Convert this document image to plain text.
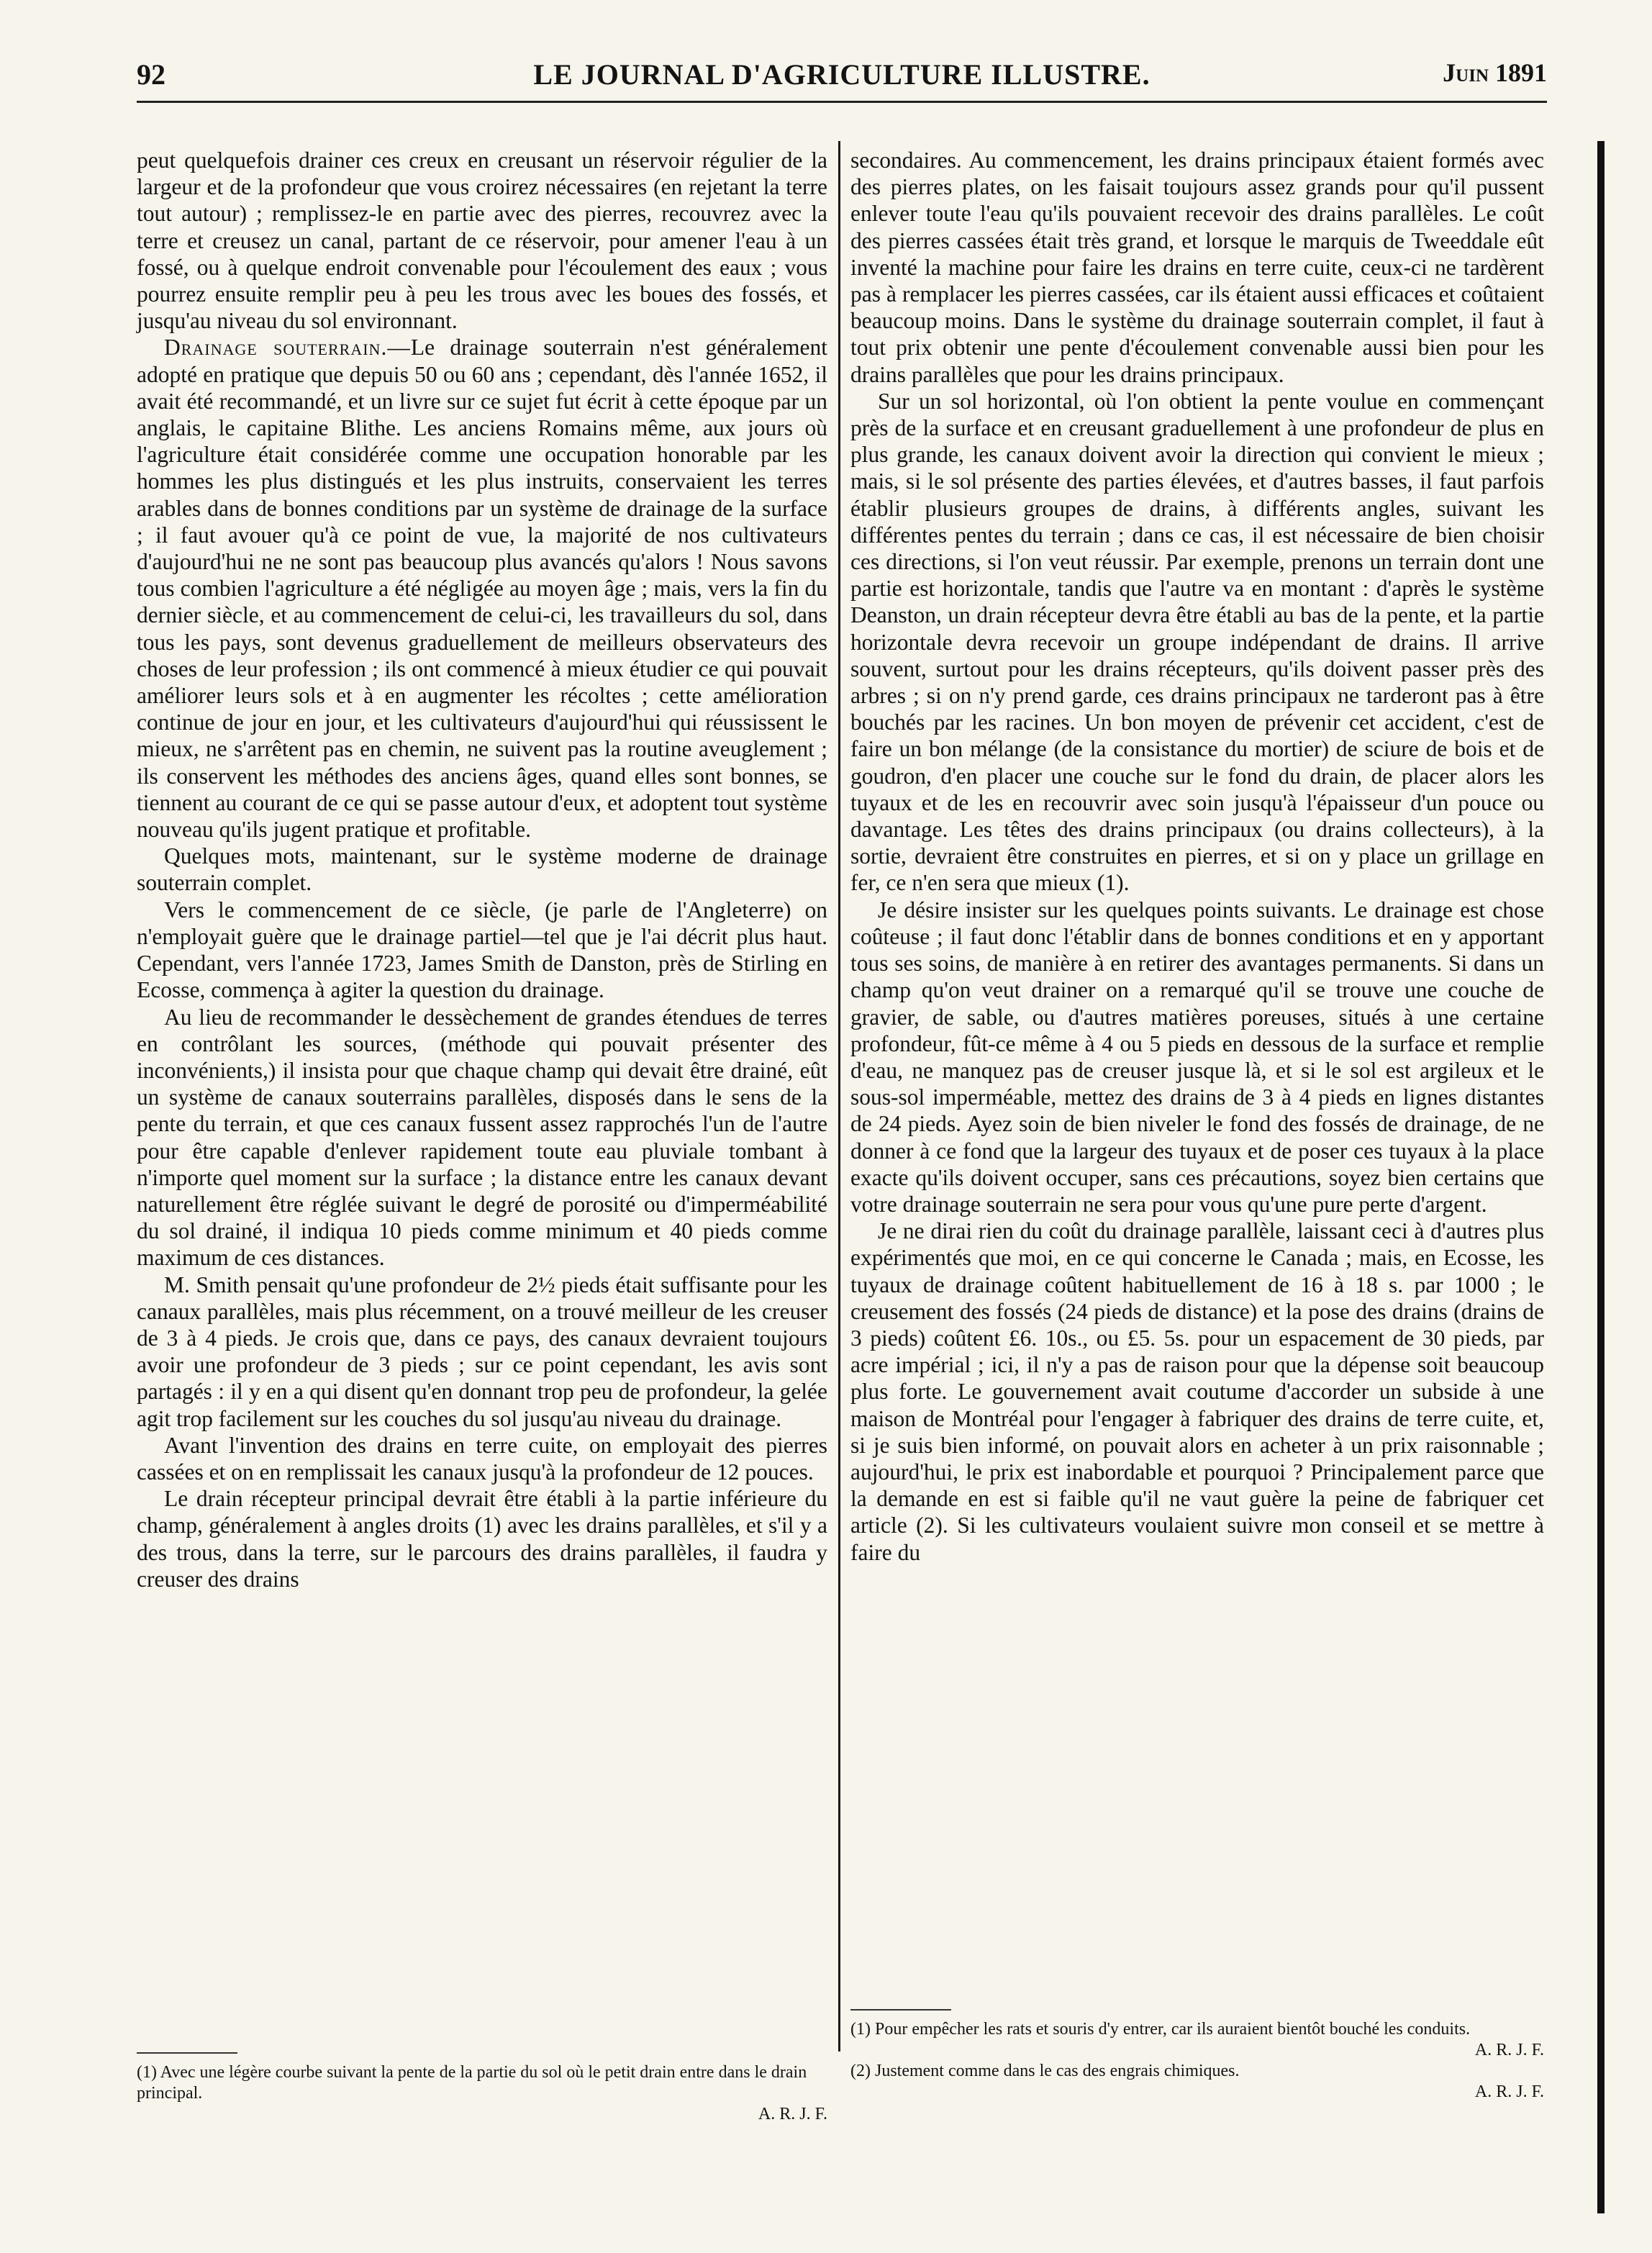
92	LE JOURNAL D'AGRICULTURE ILLUSTRE.	Juin 1891

peut quelquefois drainer ces creux en creusant un réservoir régulier de la largeur et de la profondeur que vous croirez nécessaires (en rejetant la terre tout autour) ; remplissez-le en partie avec des pierres, recouvrez avec la terre et creusez un canal, partant de ce réservoir, pour amener l'eau à un fossé, ou à quelque endroit convenable pour l'écoulement des eaux ; vous pourrez ensuite remplir peu à peu les trous avec les boues des fossés, et jusqu'au niveau du sol environnant.

Drainage souterrain.—Le drainage souterrain n'est généralement adopté en pratique que depuis 50 ou 60 ans ; cependant, dès l'année 1652, il avait été recommandé, et un livre sur ce sujet fut écrit à cette époque par un anglais, le capitaine Blithe. Les anciens Romains même, aux jours où l'agriculture était considérée comme une occupation honorable par les hommes les plus distingués et les plus instruits, conservaient les terres arables dans de bonnes conditions par un système de drainage de la surface ; il faut avouer qu'à ce point de vue, la majorité de nos cultivateurs d'aujourd'hui ne ne sont pas beaucoup plus avancés qu'alors ! Nous savons tous combien l'agriculture a été négligée au moyen âge ; mais, vers la fin du dernier siècle, et au commencement de celui-ci, les travailleurs du sol, dans tous les pays, sont devenus graduellement de meilleurs observateurs des choses de leur profession ; ils ont commencé à mieux étudier ce qui pouvait améliorer leurs sols et à en augmenter les récoltes ; cette amélioration continue de jour en jour, et les cultivateurs d'aujourd'hui qui réussissent le mieux, ne s'arrêtent pas en chemin, ne suivent pas la routine aveuglement ; ils conservent les méthodes des anciens âges, quand elles sont bonnes, se tiennent au courant de ce qui se passe autour d'eux, et adoptent tout système nouveau qu'ils jugent pratique et profitable.

Quelques mots, maintenant, sur le système moderne de drainage souterrain complet.

Vers le commencement de ce siècle, (je parle de l'Angleterre) on n'employait guère que le drainage partiel—tel que je l'ai décrit plus haut. Cependant, vers l'année 1723, James Smith de Danston, près de Stirling en Ecosse, commença à agiter la question du drainage.

Au lieu de recommander le dessèchement de grandes étendues de terres en contrôlant les sources, (méthode qui pouvait présenter des inconvénients,) il insista pour que chaque champ qui devait être drainé, eût un système de canaux souterrains parallèles, disposés dans le sens de la pente du terrain, et que ces canaux fussent assez rapprochés l'un de l'autre pour être capable d'enlever rapidement toute eau pluviale tombant à n'importe quel moment sur la surface ; la distance entre les canaux devant naturellement être réglée suivant le degré de porosité ou d'imperméabilité du sol drainé, il indiqua 10 pieds comme minimum et 40 pieds comme maximum de ces distances.

M. Smith pensait qu'une profondeur de 2½ pieds était suffisante pour les canaux parallèles, mais plus récemment, on a trouvé meilleur de les creuser de 3 à 4 pieds. Je crois que, dans ce pays, des canaux devraient toujours avoir une profondeur de 3 pieds ; sur ce point cependant, les avis sont partagés : il y en a qui disent qu'en donnant trop peu de profondeur, la gelée agit trop facilement sur les couches du sol jusqu'au niveau du drainage.

Avant l'invention des drains en terre cuite, on employait des pierres cassées et on en remplissait les canaux jusqu'à la profondeur de 12 pouces.

Le drain récepteur principal devrait être établi à la partie inférieure du champ, généralement à angles droits (1) avec les drains parallèles, et s'il y a des trous, dans la terre, sur le parcours des drains parallèles, il faudra y creuser des drains

(1) Avec une légère courbe suivant la pente de la partie du sol où le petit drain entre dans le drain principal.

A. R. J. F.

secondaires. Au commencement, les drains principaux étaient formés avec des pierres plates, on les faisait toujours assez grands pour qu'il pussent enlever toute l'eau qu'ils pouvaient recevoir des drains parallèles. Le coût des pierres cassées était très grand, et lorsque le marquis de Tweeddale eût inventé la machine pour faire les drains en terre cuite, ceux-ci ne tardèrent pas à remplacer les pierres cassées, car ils étaient aussi efficaces et coûtaient beaucoup moins. Dans le système du drainage souterrain complet, il faut à tout prix obtenir une pente d'écoulement convenable aussi bien pour les drains parallèles que pour les drains principaux.

Sur un sol horizontal, où l'on obtient la pente voulue en commençant près de la surface et en creusant graduellement à une profondeur de plus en plus grande, les canaux doivent avoir la direction qui convient le mieux ; mais, si le sol présente des parties élevées, et d'autres basses, il faut parfois établir plusieurs groupes de drains, à différents angles, suivant les différentes pentes du terrain ; dans ce cas, il est nécessaire de bien choisir ces directions, si l'on veut réussir. Par exemple, prenons un terrain dont une partie est horizontale, tandis que l'autre va en montant : d'après le système Deanston, un drain récepteur devra être établi au bas de la pente, et la partie horizontale devra recevoir un groupe indépendant de drains. Il arrive souvent, surtout pour les drains récepteurs, qu'ils doivent passer près des arbres ; si on n'y prend garde, ces drains principaux ne tarderont pas à être bouchés par les racines. Un bon moyen de prévenir cet accident, c'est de faire un bon mélange (de la consistance du mortier) de sciure de bois et de goudron, d'en placer une couche sur le fond du drain, de placer alors les tuyaux et de les en recouvrir avec soin jusqu'à l'épaisseur d'un pouce ou davantage. Les têtes des drains principaux (ou drains collecteurs), à la sortie, devraient être construites en pierres, et si on y place un grillage en fer, ce n'en sera que mieux (1).

Je désire insister sur les quelques points suivants. Le drainage est chose coûteuse ; il faut donc l'établir dans de bonnes conditions et en y apportant tous ses soins, de manière à en retirer des avantages permanents. Si dans un champ qu'on veut drainer on a remarqué qu'il se trouve une couche de gravier, de sable, ou d'autres matières poreuses, situés à une certaine profondeur, fût-ce même à 4 ou 5 pieds en dessous de la surface et remplie d'eau, ne manquez pas de creuser jusque là, et si le sol est argileux et le sous-sol imperméable, mettez des drains de 3 à 4 pieds en lignes distantes de 24 pieds. Ayez soin de bien niveler le fond des fossés de drainage, de ne donner à ce fond que la largeur des tuyaux et de poser ces tuyaux à la place exacte qu'ils doivent occuper, sans ces précautions, soyez bien certains que votre drainage souterrain ne sera pour vous qu'une pure perte d'argent.

Je ne dirai rien du coût du drainage parallèle, laissant ceci à d'autres plus expérimentés que moi, en ce qui concerne le Canada ; mais, en Ecosse, les tuyaux de drainage coûtent habituellement de 16 à 18 s. par 1000 ; le creusement des fossés (24 pieds de distance) et la pose des drains (drains de 3 pieds) coûtent £6. 10s., ou £5. 5s. pour un espacement de 30 pieds, par acre impérial ; ici, il n'y a pas de raison pour que la dépense soit beaucoup plus forte. Le gouvernement avait coutume d'accorder un subside à une maison de Montréal pour l'engager à fabriquer des drains de terre cuite, et, si je suis bien informé, on pouvait alors en acheter à un prix raisonnable ; aujourd'hui, le prix est inabordable et pourquoi ? Principalement parce que la demande en est si faible qu'il ne vaut guère la peine de fabriquer cet article (2). Si les cultivateurs voulaient suivre mon conseil et se mettre à faire du

(1) Pour empêcher les rats et souris d'y entrer, car ils auraient bientôt bouché les conduits.

A. R. J. F.

(2) Justement comme dans le cas des engrais chimiques.

A. R. J. F.
